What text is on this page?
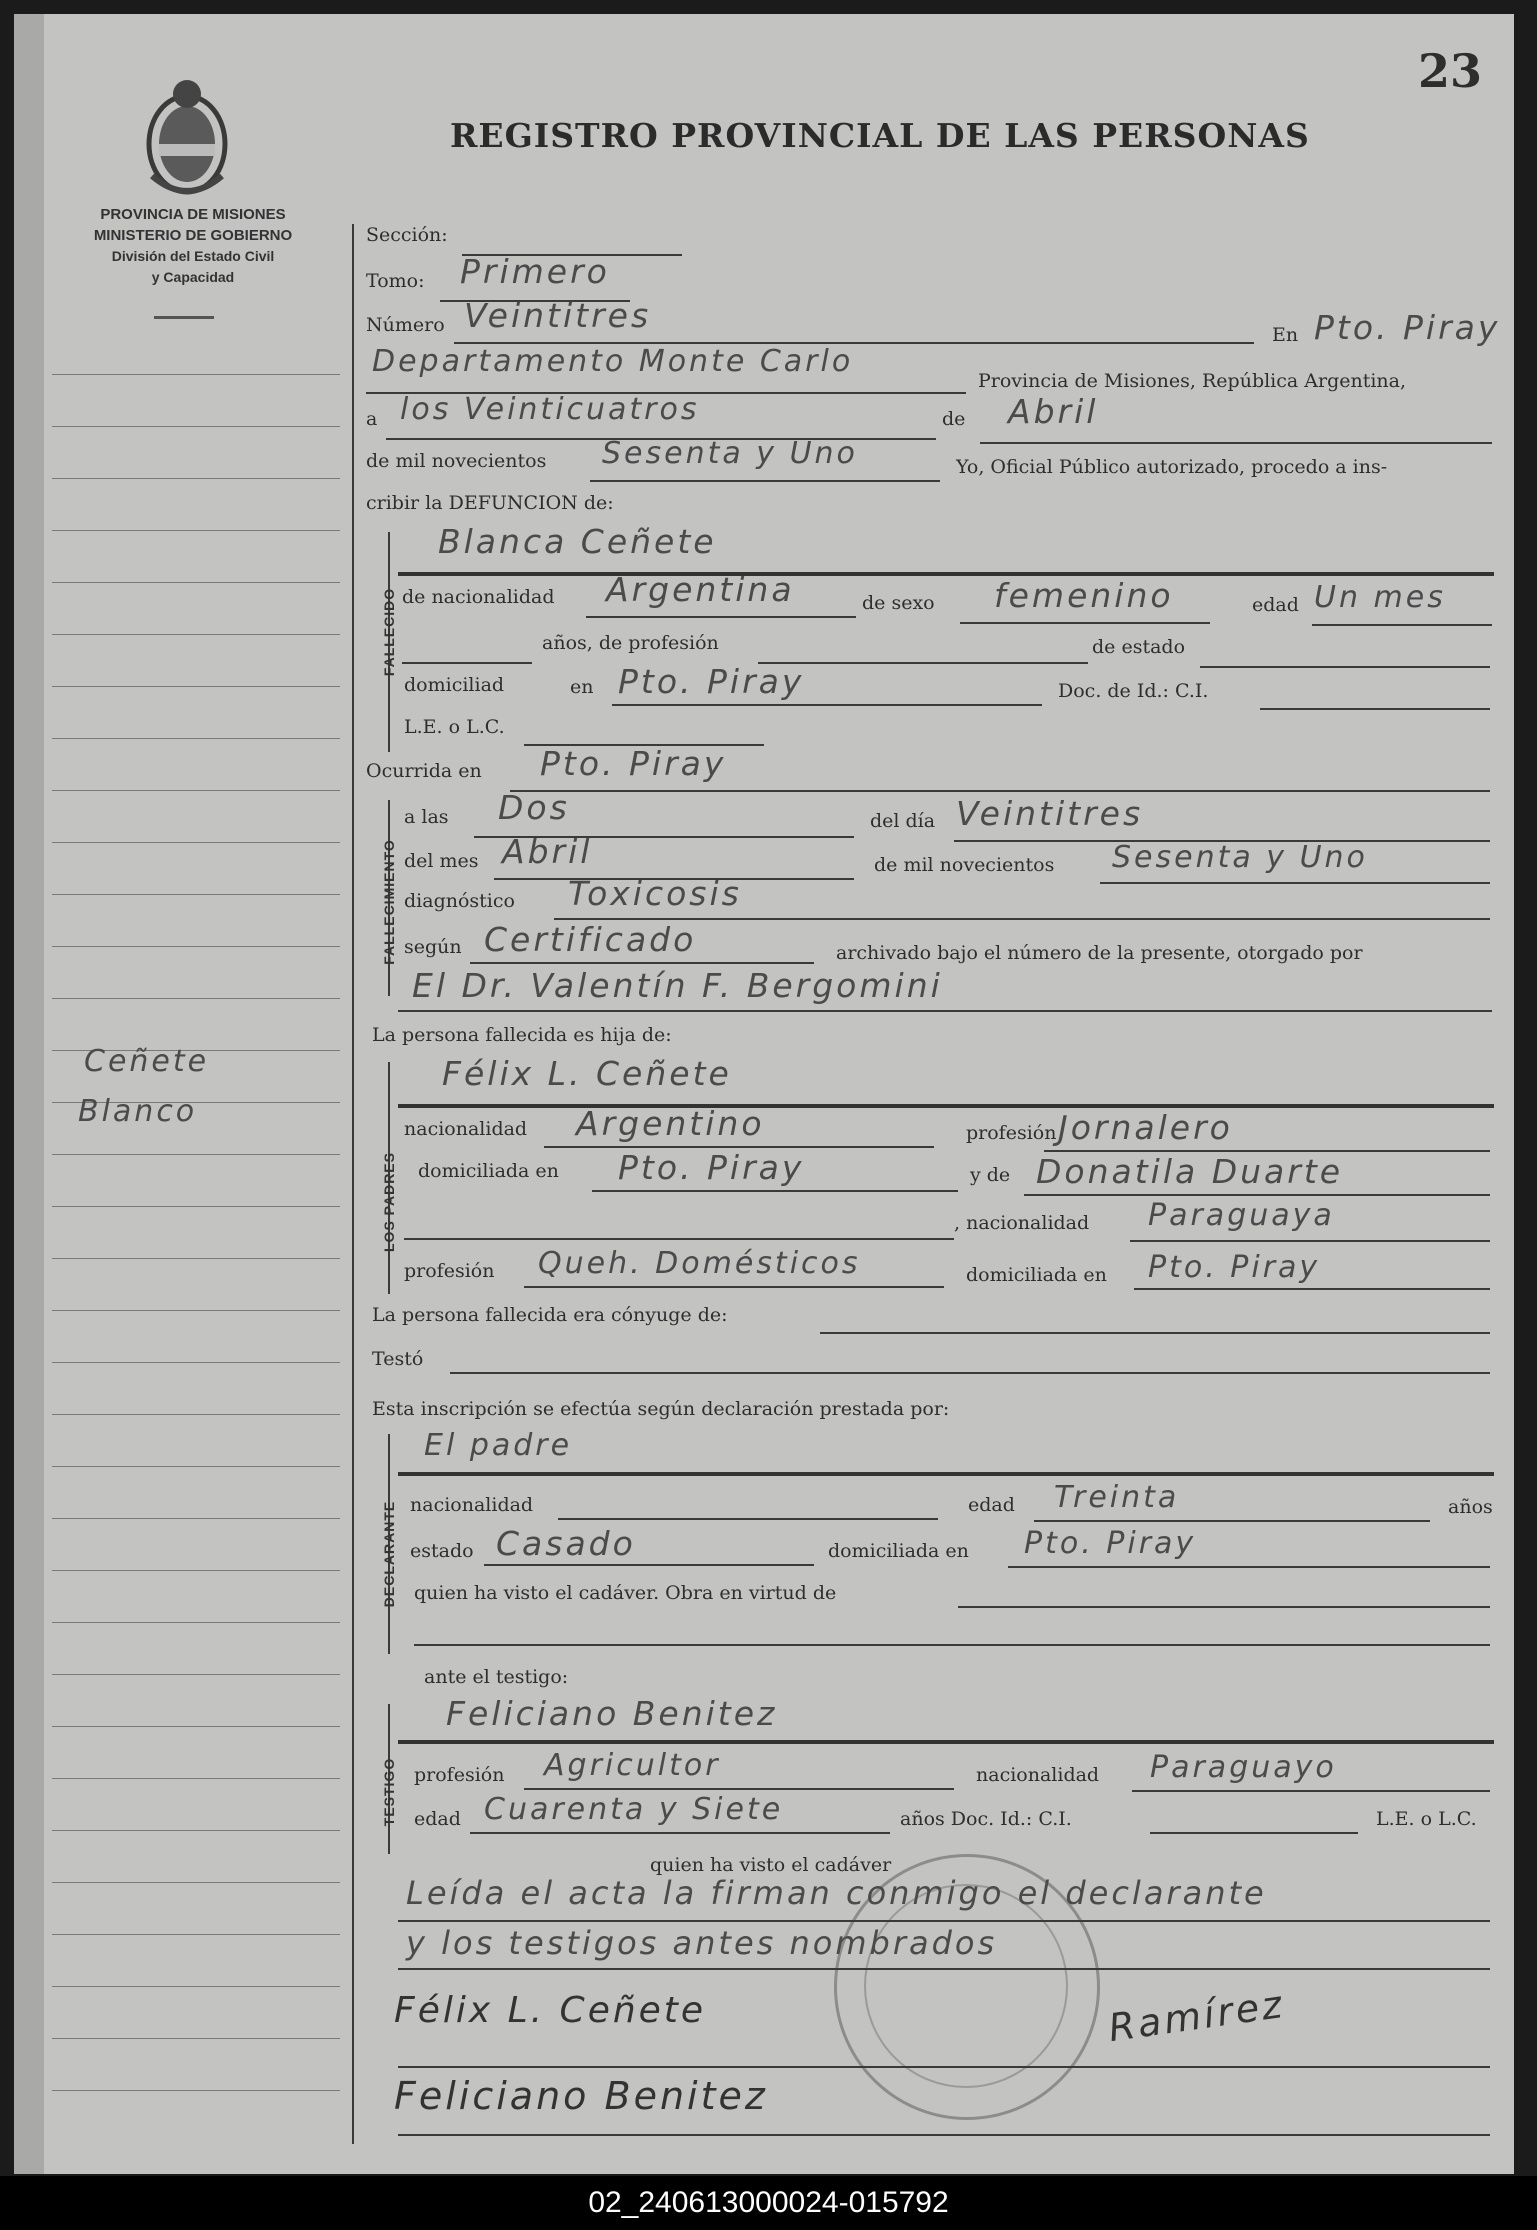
23
REGISTRO PROVINCIAL DE LAS PERSONAS
PROVINCIA DE MISIONES
MINISTERIO DE GOBIERNO
División del Estado Civil
y Capacidad
Ceñete
Blanco
Sección:
Tomo: Primero
Número Veintitres	En Pto. Piray
Departamento Monte Carlo
Provincia de Misiones, República Argentina,
a los Veinticuatros	de Abril
de mil novecientos Sesenta y Uno	Yo, Oficial Público autorizado, procedo a ins-
cribir la DEFUNCION de:
FALLECIDO
Blanca Ceñete
de nacionalidad Argentina	de sexo femenino	edad Un mes
años, de profesión	de estado
domiciliad	en Pto. Piray	Doc. de Id.: C.I.
L.E. o L.C.
Ocurrida en Pto. Piray
FALLECIMIENTO
a las Dos	del día Veintitres
del mes Abril	de mil novecientos Sesenta y Uno
diagnóstico Toxicosis
según Certificado	archivado bajo el número de la presente, otorgado por
El Dr. Valentín F. Bergomini
La persona fallecida es hija de:
LOS PADRES
Félix L. Ceñete
nacionalidad Argentino	profesión Jornalero
domiciliada en Pto. Piray	y de Donatila Duarte
, nacionalidad Paraguaya
profesión Queh. Domésticos	domiciliada en Pto. Piray
La persona fallecida era cónyuge de:
Testó
Esta inscripción se efectúa según declaración prestada por:
DECLARANTE
El padre
nacionalidad	edad Treinta	años
estado Casado	domiciliada en Pto. Piray
quien ha visto el cadáver. Obra en virtud de
ante el testigo:
TESTIGO
Feliciano Benitez
profesión Agricultor	nacionalidad Paraguayo
edad Cuarenta y Siete	años Doc. Id.: C.I.	L.E. o L.C.
quien ha visto el cadáver
Leída el acta la firman conmigo el declarante
y los testigos antes nombrados
Félix L. Ceñete	Ramírez
Feliciano Benitez
02_240613000024-015792
